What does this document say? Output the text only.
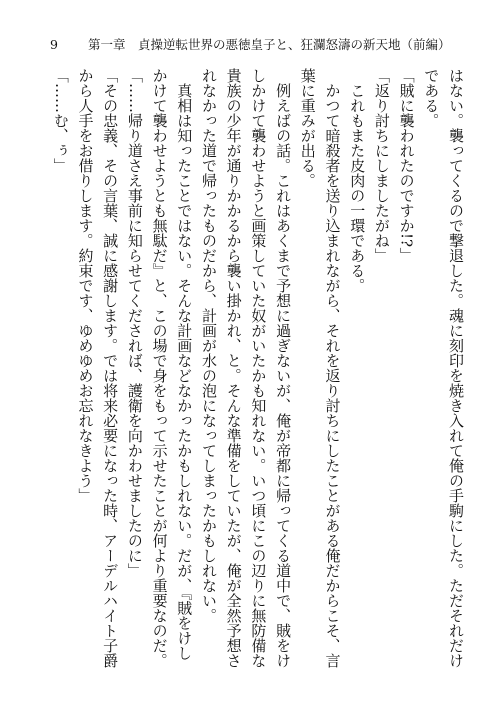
9 第一章　貞操逆転世界の悪徳皇子と、狂瀾怒濤の新天地（前編）
はない。襲ってくるので撃退した。魂に刻印を焼き入れて俺の手駒にした。ただそれだけ
である。
「賊に襲われたのですか!?」
「返り討ちにしましたがね」
　これもまた皮肉の一環である。
　かつて暗殺者を送り込まれながら、それを返り討ちにしたことがある俺だからこそ、言
葉に重みが出る。
　例えばの話。これはあくまで予想に過ぎないが、俺が帝都に帰ってくる道中で、賊をけ
しかけて襲わせようと画策していた奴がいたかも知れない。いつ頃にこの辺りに無防備な
貴族の少年が通りかかるから襲い掛かれ、と。そんな準備をしていたが、俺が全然予想さ
れなかった道で帰ったものだから、計画が水の泡になってしまったかもしれない。
　真相は知ったことではない。そんな計画などなかったかもしれない。だが、『賊をけし
かけて襲わせようとも無駄だ』と、この場で身をもって示せたことが何より重要なのだ。
「……帰り道さえ事前に知らせてくだされば、護衛を向かわせましたのに」
「その忠義、その言葉、誠に感謝します。では将来必要になった時、アーデルハイト子爵
から人手をお借りします。約束です、ゆめゆめお忘れなきよう」
「……む、ぅ」
